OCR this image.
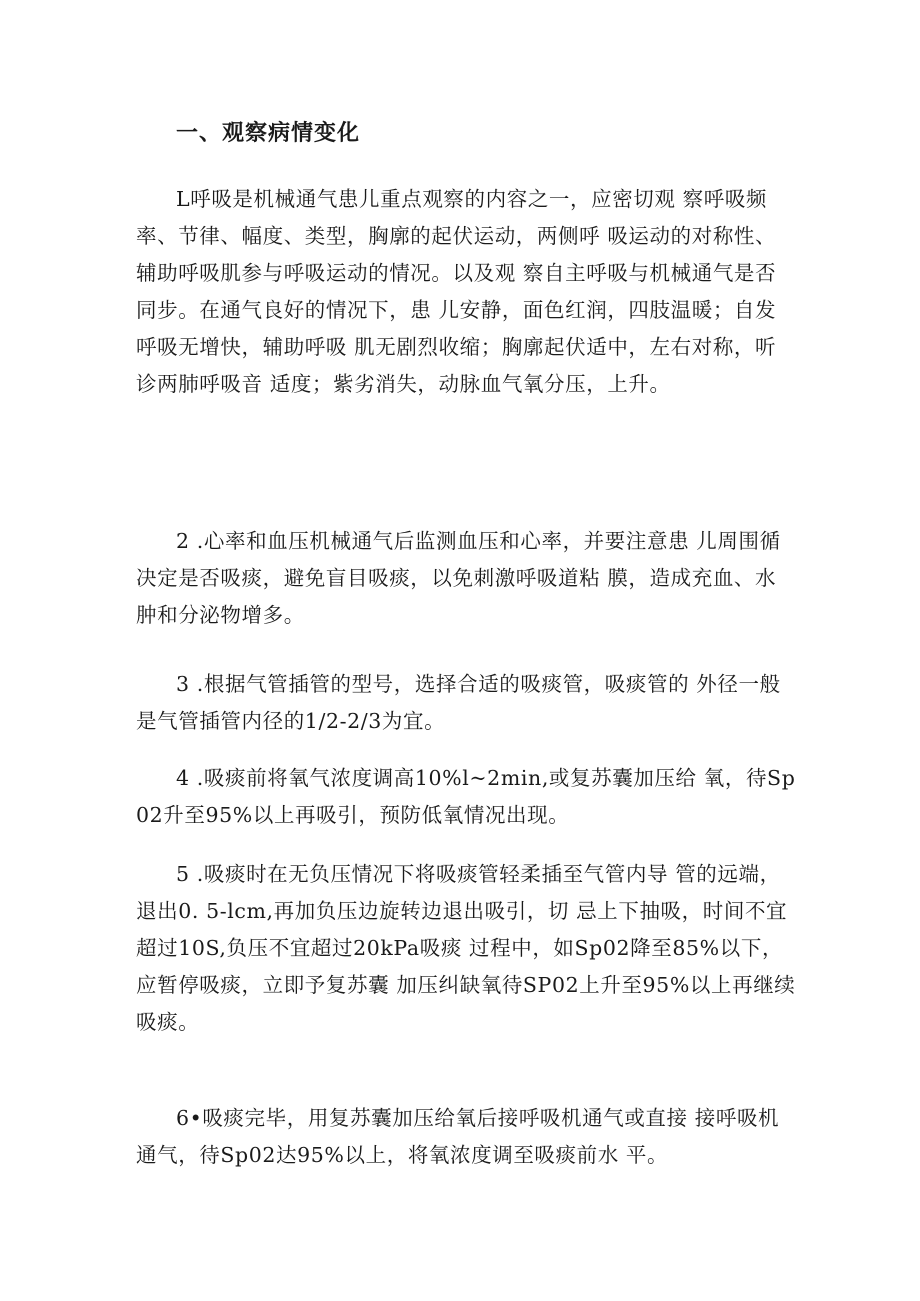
一、观察病情变化

L呼吸是机械通气患儿重点观察的内容之一，应密切观 察呼吸频率、节律、幅度、类型，胸廓的起伏运动，两侧呼 吸运动的对称性、辅助呼吸肌参与呼吸运动的情况。以及观 察自主呼吸与机械通气是否同步。在通气良好的情况下，患 儿安静，面色红润，四肢温暖；自发呼吸无增快，辅助呼吸 肌无剧烈收缩；胸廓起伏适中，左右对称，听诊两肺呼吸音 适度；紫劣消失，动脉血气氧分压，上升。

2 .心率和血压机械通气后监测血压和心率，并要注意患 儿周围循决定是否吸痰，避免盲目吸痰，以免刺激呼吸道粘 膜，造成充血、水肿和分泌物增多。

3 .根据气管插管的型号，选择合适的吸痰管，吸痰管的 外径一般是气管插管内径的1/2-2/3为宜。

4 .吸痰前将氧气浓度调高10%l~2min,或复苏囊加压给 氧，待Sp02升至95%以上再吸引，预防低氧情况出现。

5 .吸痰时在无负压情况下将吸痰管轻柔插至气管内导 管的远端，退出0. 5-lcm,再加负压边旋转边退出吸引，切 忌上下抽吸，时间不宜超过10S,负压不宜超过20kPa吸痰 过程中，如Sp02降至85%以下，应暂停吸痰，立即予复苏囊 加压纠缺氧待SP02上升至95%以上再继续吸痰。

6•吸痰完毕，用复苏囊加压给氧后接呼吸机通气或直接 接呼吸机通气，待Sp02达95%以上，将氧浓度调至吸痰前水 平。
